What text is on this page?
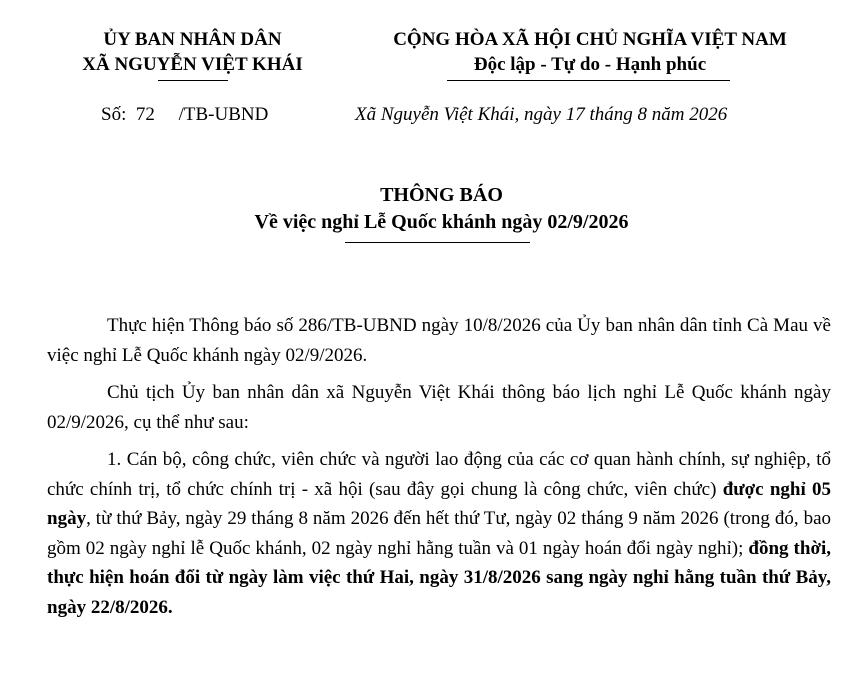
ỦY BAN NHÂN DÂN
XÃ NGUYỄN VIỆT KHÁI
CỘNG HÒA XÃ HỘI CHỦ NGHĨA VIỆT NAM
Độc lập - Tự do - Hạnh phúc
Số: 72 /TB-UBND	Xã Nguyễn Việt Khái, ngày 17 tháng 8 năm 2026
THÔNG BÁO
Về việc nghỉ Lễ Quốc khánh ngày 02/9/2026

Thực hiện Thông báo số 286/TB-UBND ngày 10/8/2026 của Ủy ban nhân dân tỉnh Cà Mau về việc nghỉ Lễ Quốc khánh ngày 02/9/2026.

Chủ tịch Ủy ban nhân dân xã Nguyễn Việt Khái thông báo lịch nghỉ Lễ Quốc khánh ngày 02/9/2026, cụ thể như sau:

1. Cán bộ, công chức, viên chức và người lao động của các cơ quan hành chính, sự nghiệp, tổ chức chính trị, tổ chức chính trị - xã hội (sau đây gọi chung là công chức, viên chức) được nghỉ 05 ngày, từ thứ Bảy, ngày 29 tháng 8 năm 2026 đến hết thứ Tư, ngày 02 tháng 9 năm 2026 (trong đó, bao gồm 02 ngày nghỉ lễ Quốc khánh, 02 ngày nghỉ hằng tuần và 01 ngày hoán đổi ngày nghỉ); đồng thời, thực hiện hoán đổi từ ngày làm việc thứ Hai, ngày 31/8/2026 sang ngày nghỉ hằng tuần thứ Bảy, ngày 22/8/2026.
